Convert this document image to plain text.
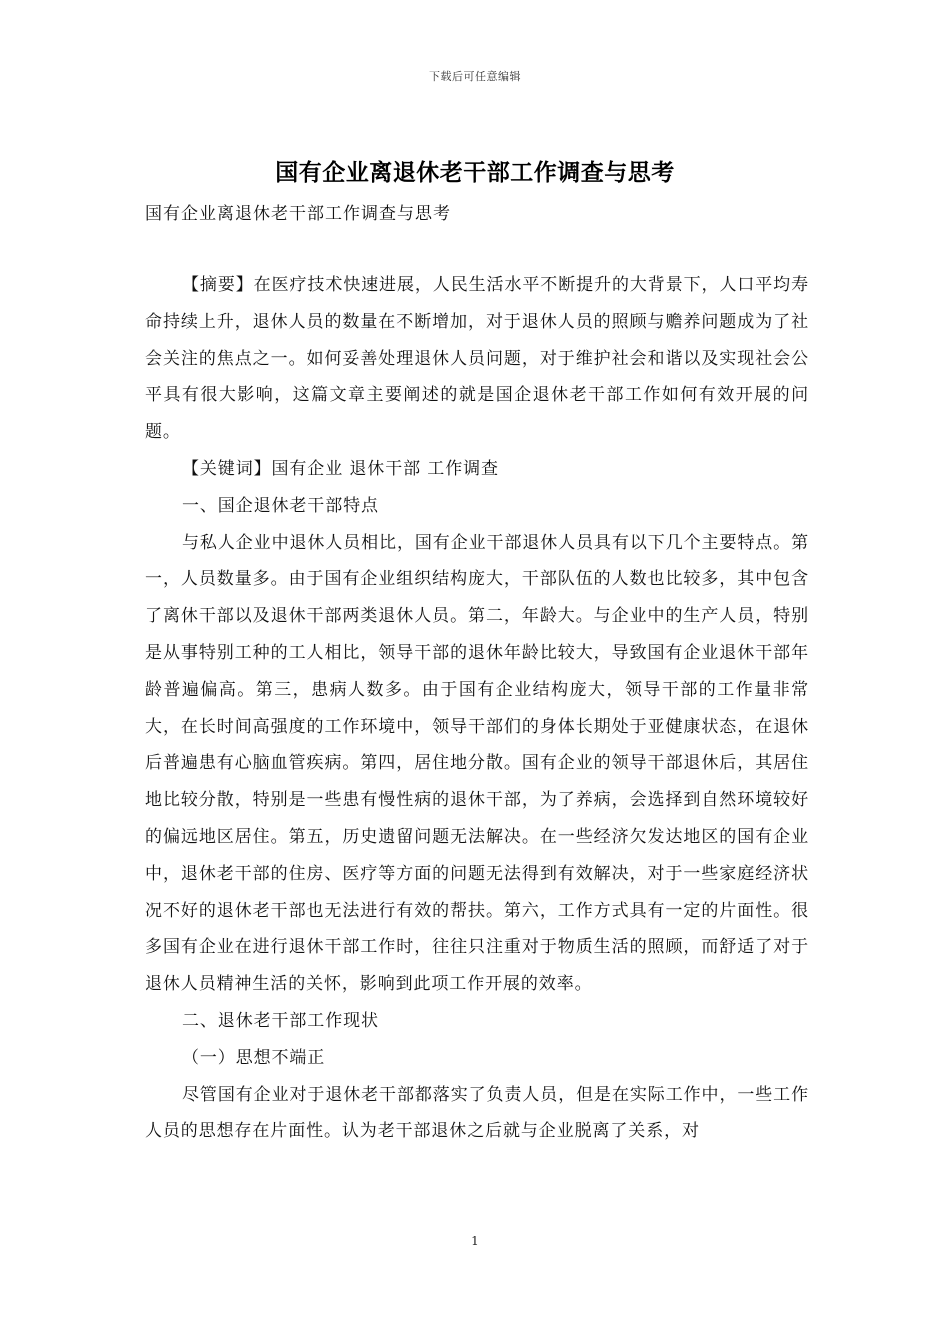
下载后可任意编辑
国有企业离退休老干部工作调查与思考

国有企业离退休老干部工作调查与思考

【摘要】在医疗技术快速进展，人民生活水平不断提升的大背景下，人口平均寿命持续上升，退休人员的数量在不断增加，对于退休人员的照顾与赡养问题成为了社会关注的焦点之一。如何妥善处理退休人员问题，对于维护社会和谐以及实现社会公平具有很大影响，这篇文章主要阐述的就是国企退休老干部工作如何有效开展的问题。

【关键词】国有企业 退休干部 工作调查

一、国企退休老干部特点

与私人企业中退休人员相比，国有企业干部退休人员具有以下几个主要特点。第一，人员数量多。由于国有企业组织结构庞大，干部队伍的人数也比较多，其中包含了离休干部以及退休干部两类退休人员。第二，年龄大。与企业中的生产人员，特别是从事特别工种的工人相比，领导干部的退休年龄比较大，导致国有企业退休干部年龄普遍偏高。第三，患病人数多。由于国有企业结构庞大，领导干部的工作量非常大，在长时间高强度的工作环境中，领导干部们的身体长期处于亚健康状态，在退休后普遍患有心脑血管疾病。第四，居住地分散。国有企业的领导干部退休后，其居住地比较分散，特别是一些患有慢性病的退休干部，为了养病，会选择到自然环境较好的偏远地区居住。第五，历史遗留问题无法解决。在一些经济欠发达地区的国有企业中，退休老干部的住房、医疗等方面的问题无法得到有效解决，对于一些家庭经济状况不好的退休老干部也无法进行有效的帮扶。第六，工作方式具有一定的片面性。很多国有企业在进行退休干部工作时，往往只注重对于物质生活的照顾，而舒适了对于退休人员精神生活的关怀，影响到此项工作开展的效率。

二、退休老干部工作现状

（一）思想不端正

尽管国有企业对于退休老干部都落实了负责人员，但是在实际工作中，一些工作人员的思想存在片面性。认为老干部退休之后就与企业脱离了关系，对

1
